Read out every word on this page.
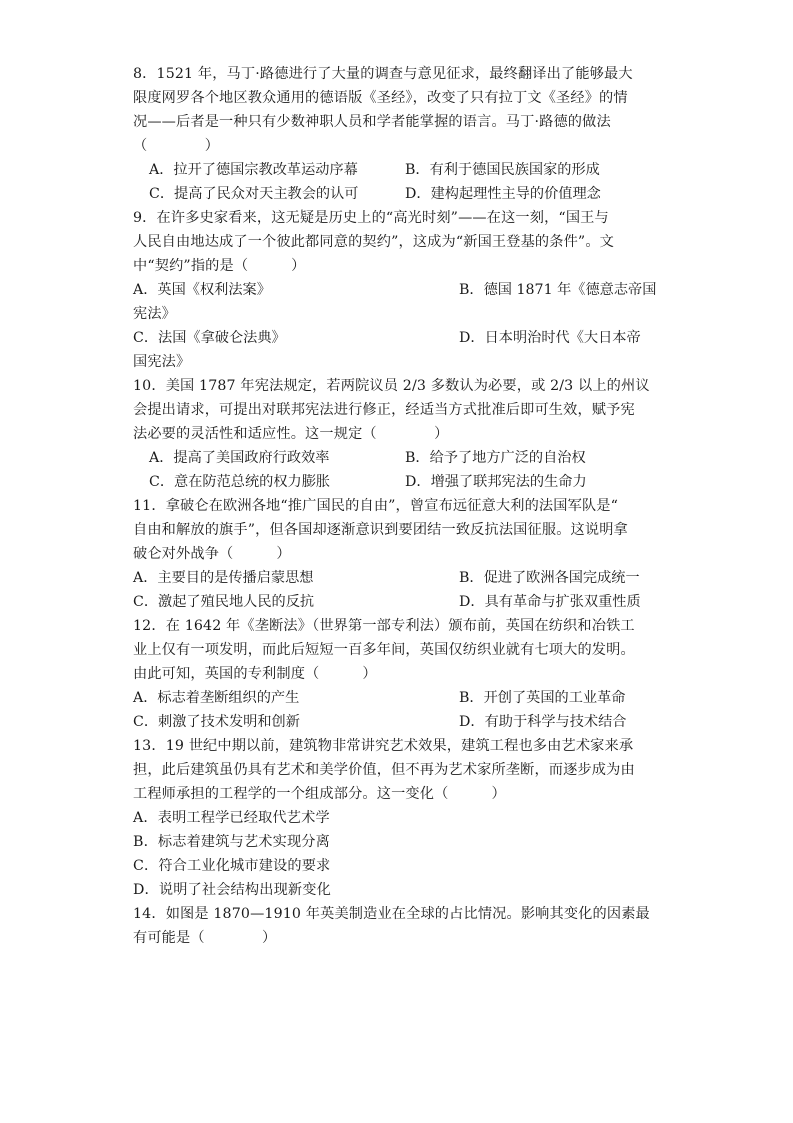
8．1521 年，马丁·路德进行了大量的调查与意见征求，最终翻译出了能够最大
限度网罗各个地区教众通用的德语版《圣经》，改变了只有拉丁文《圣经》的情
况——后者是一种只有少数神职人员和学者能掌握的语言。马丁·路德的做法
（　　　　）
A．拉开了德国宗教改革运动序幕	B．有利于德国民族国家的形成
C．提高了民众对天主教会的认可	D．建构起理性主导的价值理念
9．在许多史家看来，这无疑是历史上的“高光时刻”——在这一刻，“国王与
人民自由地达成了一个彼此都同意的契约”，这成为“新国王登基的条件”。文
中“契约”指的是（　　　）
A．英国《权利法案》	B．德国 1871 年《德意志帝国
宪法》
C．法国《拿破仑法典》	D．日本明治时代《大日本帝
国宪法》
10．美国 1787 年宪法规定，若两院议员 2/3 多数认为必要，或 2/3 以上的州议
会提出请求，可提出对联邦宪法进行修正，经适当方式批准后即可生效，赋予宪
法必要的灵活性和适应性。这一规定（　　　　）
A．提高了美国政府行政效率	B．给予了地方广泛的自治权
C．意在防范总统的权力膨胀	D．增强了联邦宪法的生命力
11．拿破仑在欧洲各地“推广国民的自由”，曾宣布远征意大利的法国军队是“
自由和解放的旗手”，但各国却逐渐意识到要团结一致反抗法国征服。这说明拿
破仑对外战争（　　　）
A．主要目的是传播启蒙思想	B．促进了欧洲各国完成统一
C．激起了殖民地人民的反抗	D．具有革命与扩张双重性质
12．在 1642 年《垄断法》（世界第一部专利法）颁布前，英国在纺织和冶铁工
业上仅有一项发明，而此后短短一百多年间，英国仅纺织业就有七项大的发明。
由此可知，英国的专利制度（　　　）
A．标志着垄断组织的产生	B．开创了英国的工业革命
C．刺激了技术发明和创新	D．有助于科学与技术结合
13．19 世纪中期以前，建筑物非常讲究艺术效果，建筑工程也多由艺术家来承
担，此后建筑虽仍具有艺术和美学价值，但不再为艺术家所垄断，而逐步成为由
工程师承担的工程学的一个组成部分。这一变化（　　　）
A．表明工程学已经取代艺术学
B．标志着建筑与艺术实现分离
C．符合工业化城市建设的要求
D．说明了社会结构出现新变化
14．如图是 1870—1910 年英美制造业在全球的占比情况。影响其变化的因素最
有可能是（　　　　）
